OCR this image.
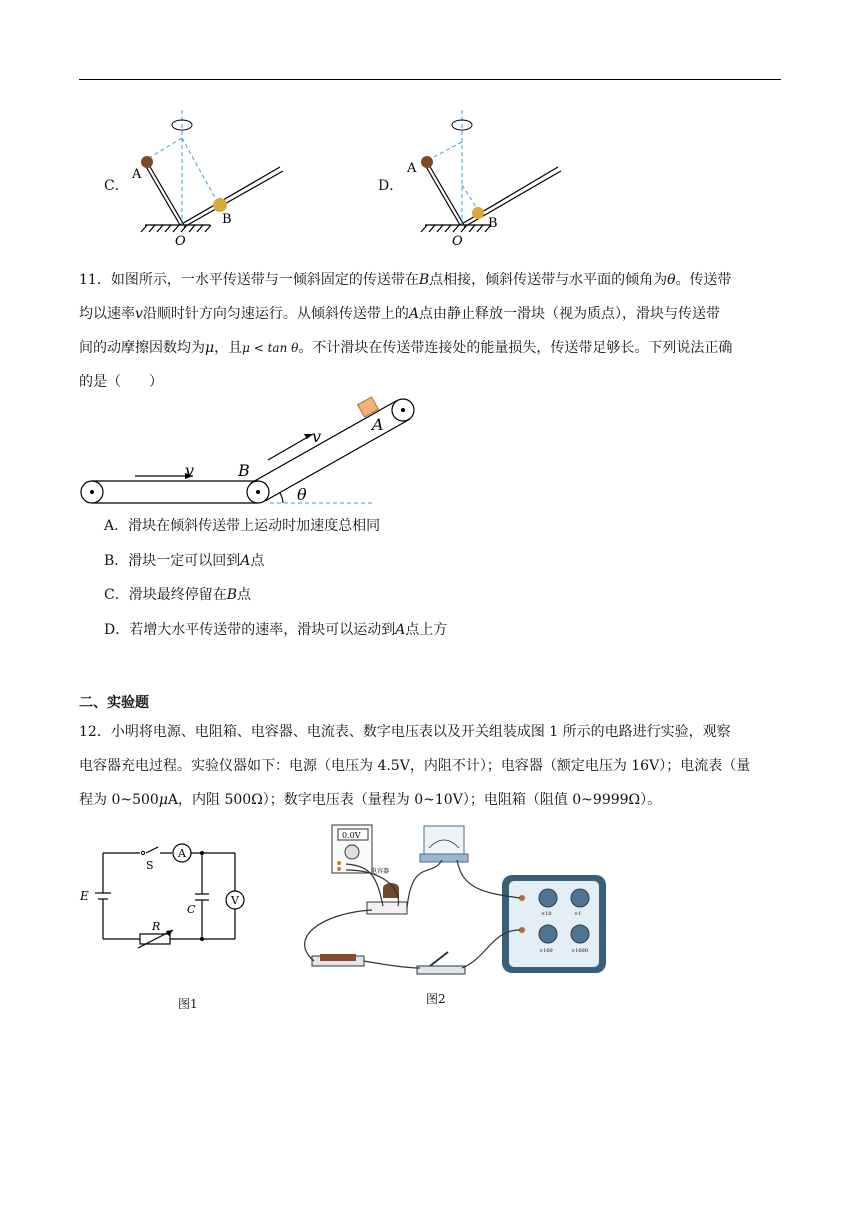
C．
A
B
O
D．
A
B
O
11．如图所示，一水平传送带与一倾斜固定的传送带在B点相接，倾斜传送带与水平面的倾角为θ。传送带
均以速率v沿顺时针方向匀速运行。从倾斜传送带上的A点由静止释放一滑块（视为质点），滑块与传送带
间的动摩擦因数均为μ，且μ < tan θ。不计滑块在传送带连接处的能量损失，传送带足够长。下列说法正确
的是（　　）
v
v
B
A
θ
A．滑块在倾斜传送带上运动时加速度总相同
B．滑块一定可以回到A点
C．滑块最终停留在B点
D．若增大水平传送带的速率，滑块可以运动到A点上方
二、实验题
12．小明将电源、电阻箱、电容器、电流表、数字电压表以及开关组装成图 1 所示的电路进行实验，观察
电容器充电过程。实验仪器如下：电源（电压为 4.5V，内阻不计）；电容器（额定电压为 16V）；电流表（量
程为 0~500μA，内阻 500Ω）；数字电压表（量程为 0~10V）；电阻箱（阻值 0~9999Ω）。
A
V
E
S
C
R
图1
0.0V
电容器
×10	×1
×100	×1000
图2
